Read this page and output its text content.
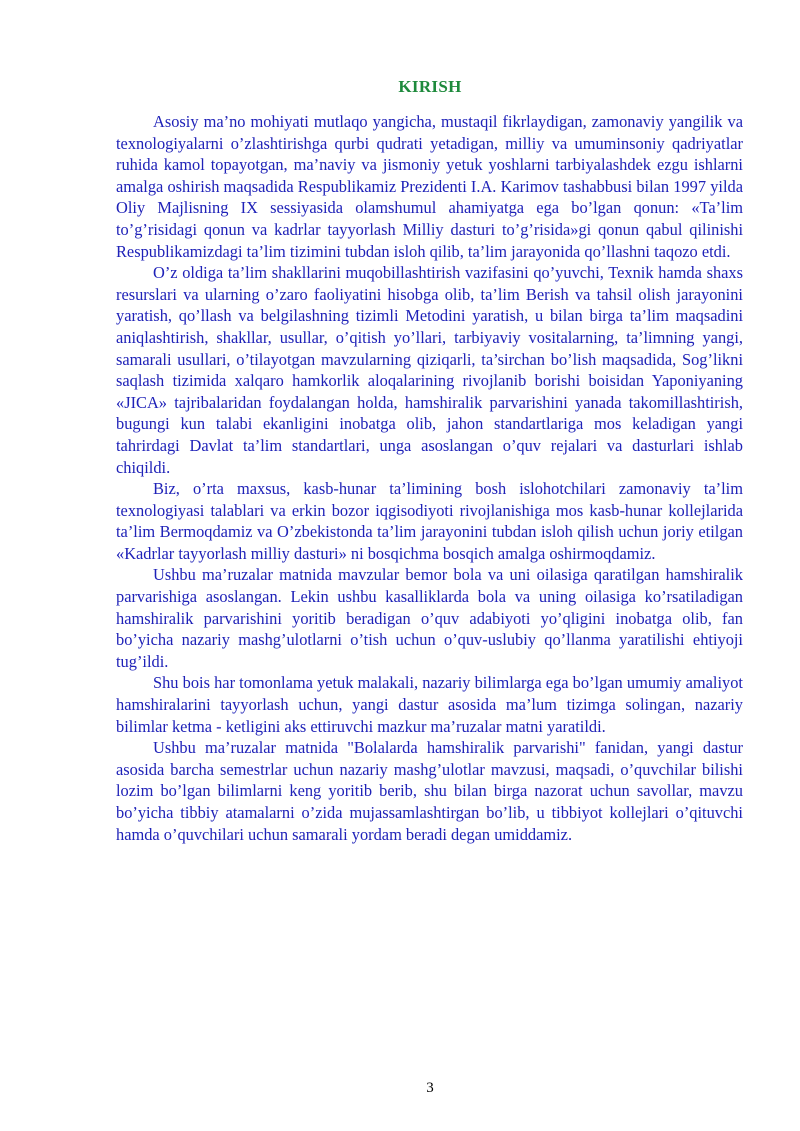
KIRISH

Asosiy ma’no mohiyati mutlaqo yangicha, mustaqil fikrlaydigan, zamonaviy yangilik va texnologiyalarni o’zlashtirishga qurbi qudrati yetadigan, milliy va umuminsoniy qadriyatlar ruhida kamol topayotgan, ma’naviy va jismoniy yetuk yoshlarni tarbiyalashdek ezgu ishlarni amalga oshirish maqsadida Respublikamiz Prezidenti I.A. Karimov tashabbusi bilan 1997 yilda Oliy Majlisning IX sessiyasida olamshumul ahamiyatga ega bo’lgan qonun: «Ta’lim to’g’risidagi qonun va kadrlar tayyorlash Milliy dasturi to’g’risida»gi qonun qabul qilinishi Respublikamizdagi ta’lim tizimini tubdan isloh qilib, ta’lim jarayonida qo’llashni taqozo etdi.

O’z oldiga ta’lim shakllarini muqobillashtirish vazifasini qo’yuvchi, Texnik hamda shaxs resurslari va ularning o’zaro faoliyatini hisobga olib, ta’lim Berish va tahsil olish jarayonini yaratish, qo’llash va belgilashning tizimli Metodini yaratish, u bilan birga ta’lim maqsadini aniqlashtirish, shakllar, usullar, o’qitish yo’llari, tarbiyaviy vositalarning, ta’limning yangi, samarali usullari, o’tilayotgan mavzularning qiziqarli, ta’sirchan bo’lish maqsadida, Sog’likni saqlash tizimida xalqaro hamkorlik aloqalarining rivojlanib borishi boisidan Yaponiyaning «JICA» tajribalaridan foydalangan holda, hamshiralik parvarishini yanada takomillashtirish, bugungi kun talabi ekanligini inobatga olib, jahon standartlariga mos keladigan yangi tahrirdagi Davlat ta’lim standartlari, unga asoslangan o’quv rejalari va dasturlari ishlab chiqildi.

Biz, o’rta maxsus, kasb-hunar ta’limining bosh islohotchilari zamonaviy ta’lim texnologiyasi talablari va erkin bozor iqgisodiyoti rivojlanishiga mos kasb-hunar kollejlarida ta’lim Bermoqdamiz va O’zbekistonda ta’lim jarayonini tubdan isloh qilish uchun joriy etilgan «Kadrlar tayyorlash milliy dasturi» ni bosqichma bosqich amalga oshirmoqdamiz.

Ushbu ma’ruzalar matnida mavzular bemor bola va uni oilasiga qaratilgan hamshiralik parvarishiga asoslangan. Lekin ushbu kasalliklarda bola va uning oilasiga ko’rsatiladigan hamshiralik parvarishini yoritib beradigan o’quv adabiyoti yo’qligini inobatga olib, fan bo’yicha nazariy mashg’ulotlarni o’tish uchun o’quv-uslubiy qo’llanma yaratilishi ehtiyoji tug’ildi.

Shu bois har tomonlama yetuk malakali, nazariy bilimlarga ega bo’lgan umumiy amaliyot hamshiralarini tayyorlash uchun, yangi dastur asosida ma’lum tizimga solingan, nazariy bilimlar ketma - ketligini aks ettiruvchi mazkur ma’ruzalar matni yaratildi.

Ushbu ma’ruzalar matnida "Bolalarda hamshiralik parvarishi" fanidan, yangi dastur asosida barcha semestrlar uchun nazariy mashg’ulotlar mavzusi, maqsadi, o’quvchilar bilishi lozim bo’lgan bilimlarni keng yoritib berib, shu bilan birga nazorat uchun savollar, mavzu bo’yicha tibbiy atamalarni o’zida mujassamlashtirgan bo’lib, u tibbiyot kollejlari o’qituvchi hamda o’quvchilari uchun samarali yordam beradi degan umiddamiz.

3
